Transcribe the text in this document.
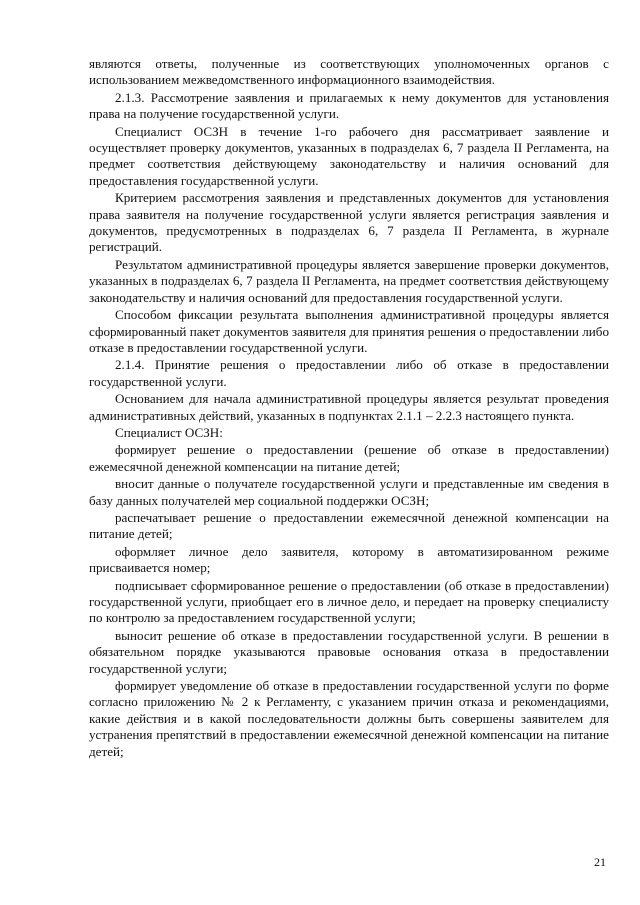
являются ответы, полученные из соответствующих уполномоченных органов с использованием межведомственного информационного взаимодействия.

2.1.3. Рассмотрение заявления и прилагаемых к нему документов для установления права на получение государственной услуги.

Специалист ОСЗН в течение 1-го рабочего дня рассматривает заявление и осуществляет проверку документов, указанных в подразделах 6, 7 раздела II Регламента, на предмет соответствия действующему законодательству и наличия оснований для предоставления государственной услуги.

Критерием рассмотрения заявления и представленных документов для установления права заявителя на получение государственной услуги является регистрация заявления и документов, предусмотренных в подразделах 6, 7 раздела II Регламента, в журнале регистраций.

Результатом административной процедуры является завершение проверки документов, указанных в подразделах 6, 7 раздела II Регламента, на предмет соответствия действующему законодательству и наличия оснований для предоставления государственной услуги.

Способом фиксации результата выполнения административной процедуры является сформированный пакет документов заявителя для принятия решения о предоставлении либо отказе в предоставлении государственной услуги.

2.1.4. Принятие решения о предоставлении либо об отказе в предоставлении государственной услуги.

Основанием для начала административной процедуры является результат проведения административных действий, указанных в подпунктах 2.1.1 – 2.2.3 настоящего пункта.

Специалист ОСЗН:

формирует решение о предоставлении (решение об отказе в предоставлении) ежемесячной денежной компенсации на питание детей;

вносит данные о получателе государственной услуги и представленные им сведения в базу данных получателей мер социальной поддержки ОСЗН;

распечатывает решение о предоставлении ежемесячной денежной компенсации на питание детей;

оформляет личное дело заявителя, которому в автоматизированном режиме присваивается номер;

подписывает сформированное решение о предоставлении (об отказе в предоставлении) государственной услуги, приобщает его в личное дело, и передает на проверку специалисту по контролю за предоставлением государственной услуги;

выносит решение об отказе в предоставлении государственной услуги. В решении в обязательном порядке указываются правовые основания отказа в предоставлении государственной услуги;

формирует уведомление об отказе в предоставлении государственной услуги по форме согласно приложению № 2 к Регламенту, с указанием причин отказа и рекомендациями, какие действия и в какой последовательности должны быть совершены заявителем для устранения препятствий в предоставлении ежемесячной денежной компенсации на питание детей;

21
